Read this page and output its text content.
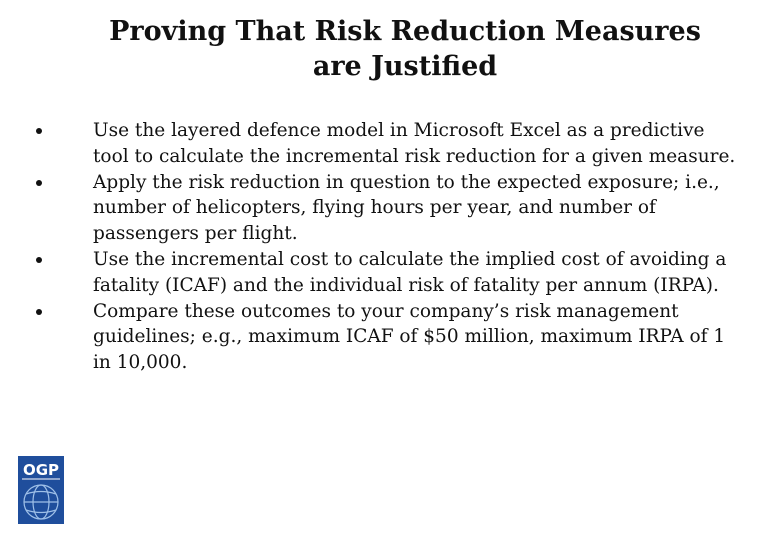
Proving That Risk Reduction Measures
are Justified
Use the layered defence model in Microsoft Excel as a predictive tool to calculate the incremental risk reduction for a given measure.
Apply the risk reduction in question to the expected exposure; i.e., number of helicopters, flying hours per year, and number of passengers per flight.
Use the incremental cost to calculate the implied cost of avoiding a fatality (ICAF) and the individual risk of fatality per annum (IRPA).
Compare these outcomes to your company’s risk management guidelines; e.g., maximum ICAF of $50 million, maximum IRPA of 1 in 10,000.
OGP
